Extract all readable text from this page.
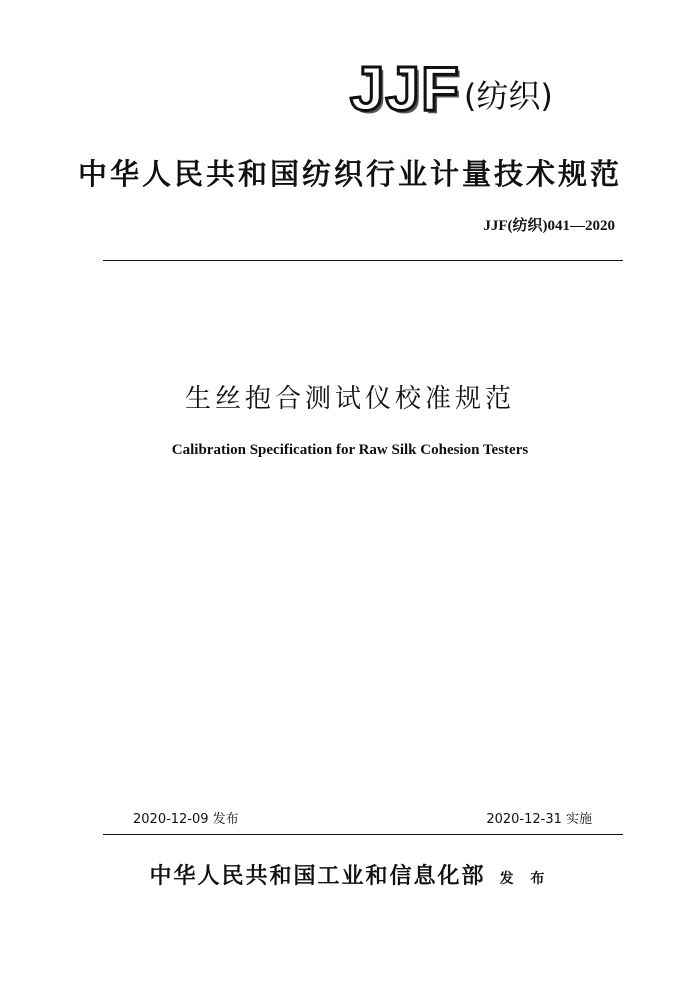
JJF (纺织)
中华人民共和国纺织行业计量技术规范
JJF(纺织)041—2020
生丝抱合测试仪校准规范
Calibration Specification for Raw Silk Cohesion Testers
2020-12-09 发布	2020-12-31 实施
中华人民共和国工业和信息化部 发 布
